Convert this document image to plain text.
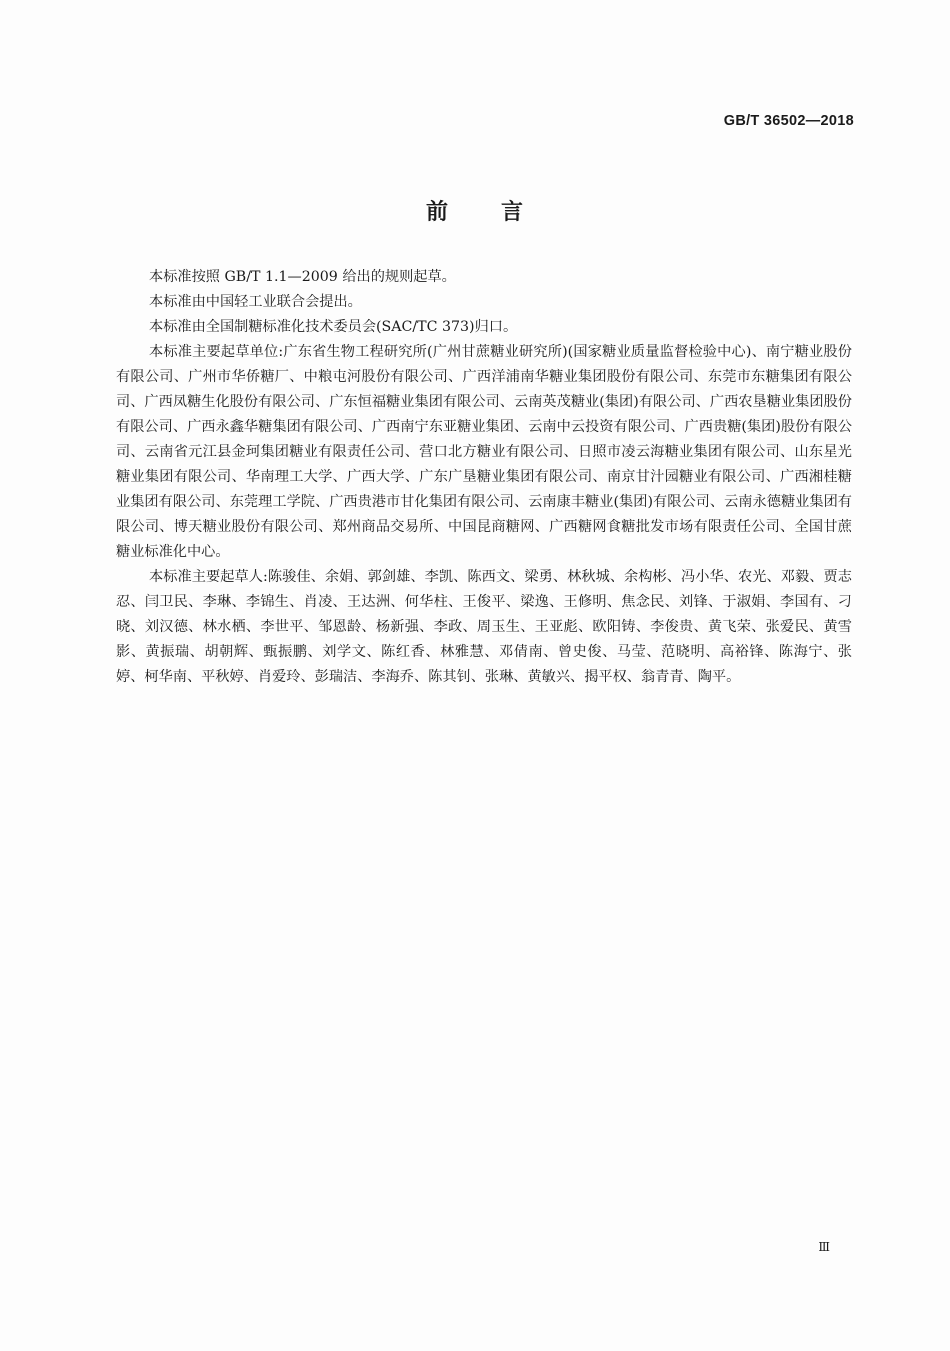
GB/T 36502—2018
前 言

本标准按照 GB/T 1.1—2009 给出的规则起草。

本标准由中国轻工业联合会提出。

本标准由全国制糖标准化技术委员会(SAC/TC 373)归口。

本标准主要起草单位:广东省生物工程研究所(广州甘蔗糖业研究所)(国家糖业质量监督检验中心)、南宁糖业股份有限公司、广州市华侨糖厂、中粮屯河股份有限公司、广西洋浦南华糖业集团股份有限公司、东莞市东糖集团有限公司、广西凤糖生化股份有限公司、广东恒福糖业集团有限公司、云南英茂糖业(集团)有限公司、广西农垦糖业集团股份有限公司、广西永鑫华糖集团有限公司、广西南宁东亚糖业集团、云南中云投资有限公司、广西贵糖(集团)股份有限公司、云南省元江县金珂集团糖业有限责任公司、营口北方糖业有限公司、日照市凌云海糖业集团有限公司、山东星光糖业集团有限公司、华南理工大学、广西大学、广东广垦糖业集团有限公司、南京甘汁园糖业有限公司、广西湘桂糖业集团有限公司、东莞理工学院、广西贵港市甘化集团有限公司、云南康丰糖业(集团)有限公司、云南永德糖业集团有限公司、博天糖业股份有限公司、郑州商品交易所、中国昆商糖网、广西糖网食糖批发市场有限责任公司、全国甘蔗糖业标准化中心。

本标准主要起草人:陈骏佳、余娟、郭剑雄、李凯、陈西文、梁勇、林秋城、余构彬、冯小华、农光、邓毅、贾志忍、闫卫民、李琳、李锦生、肖凌、王达洲、何华柱、王俊平、梁逸、王修明、焦念民、刘锋、于淑娟、李国有、刁晓、刘汉德、林水栖、李世平、邹恩龄、杨新强、李政、周玉生、王亚彪、欧阳铸、李俊贵、黄飞荣、张爱民、黄雪影、黄振瑞、胡朝辉、甄振鹏、刘学文、陈红香、林雅慧、邓倩南、曾史俊、马莹、范晓明、高裕锋、陈海宁、张婷、柯华南、平秋婷、肖爱玲、彭瑞洁、李海乔、陈其钊、张琳、黄敏兴、揭平权、翁青青、陶平。

Ⅲ
